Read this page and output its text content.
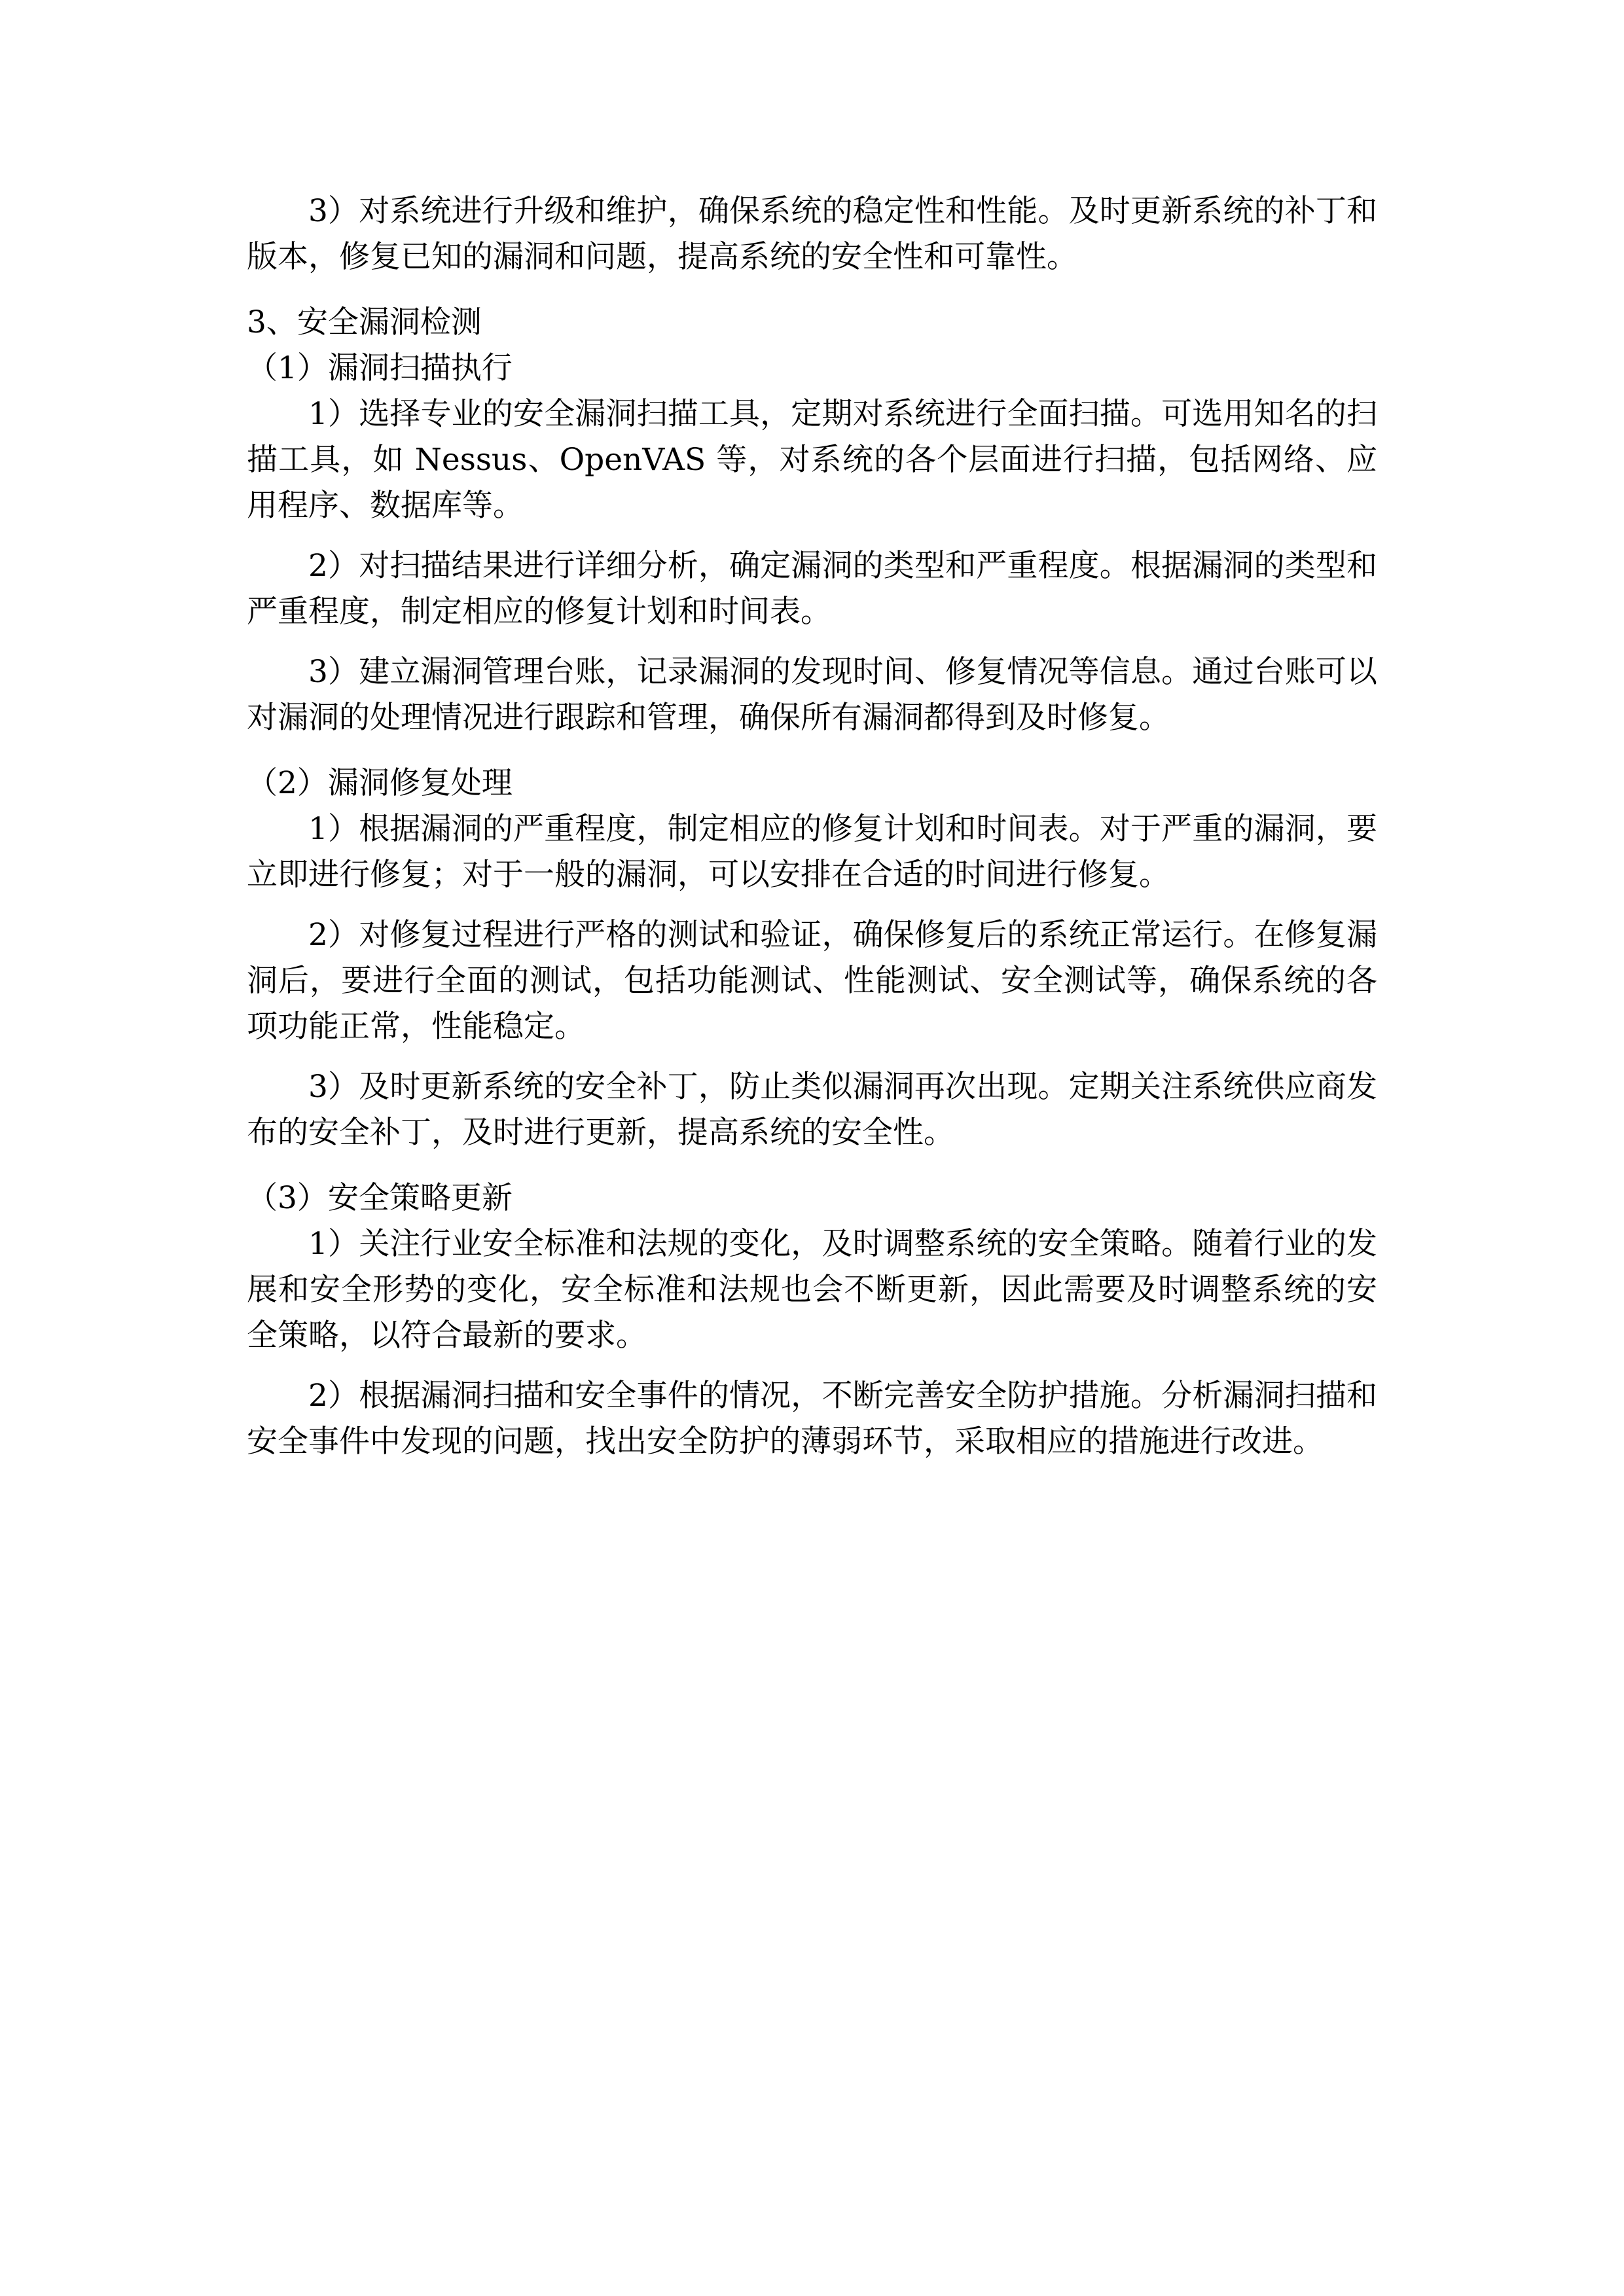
3）对系统进行升级和维护，确保系统的稳定性和性能。及时更新系统的补丁和版本，修复已知的漏洞和问题，提高系统的安全性和可靠性。

3、安全漏洞检测

（1）漏洞扫描执行

1）选择专业的安全漏洞扫描工具，定期对系统进行全面扫描。可选用知名的扫描工具，如 Nessus、OpenVAS 等，对系统的各个层面进行扫描，包括网络、应用程序、数据库等。

2）对扫描结果进行详细分析，确定漏洞的类型和严重程度。根据漏洞的类型和严重程度，制定相应的修复计划和时间表。

3）建立漏洞管理台账，记录漏洞的发现时间、修复情况等信息。通过台账可以对漏洞的处理情况进行跟踪和管理，确保所有漏洞都得到及时修复。

（2）漏洞修复处理

1）根据漏洞的严重程度，制定相应的修复计划和时间表。对于严重的漏洞，要立即进行修复；对于一般的漏洞，可以安排在合适的时间进行修复。

2）对修复过程进行严格的测试和验证，确保修复后的系统正常运行。在修复漏洞后，要进行全面的测试，包括功能测试、性能测试、安全测试等，确保系统的各项功能正常，性能稳定。

3）及时更新系统的安全补丁，防止类似漏洞再次出现。定期关注系统供应商发布的安全补丁，及时进行更新，提高系统的安全性。

（3）安全策略更新

1）关注行业安全标准和法规的变化，及时调整系统的安全策略。随着行业的发展和安全形势的变化，安全标准和法规也会不断更新，因此需要及时调整系统的安全策略，以符合最新的要求。

2）根据漏洞扫描和安全事件的情况，不断完善安全防护措施。分析漏洞扫描和安全事件中发现的问题，找出安全防护的薄弱环节，采取相应的措施进行改进。
